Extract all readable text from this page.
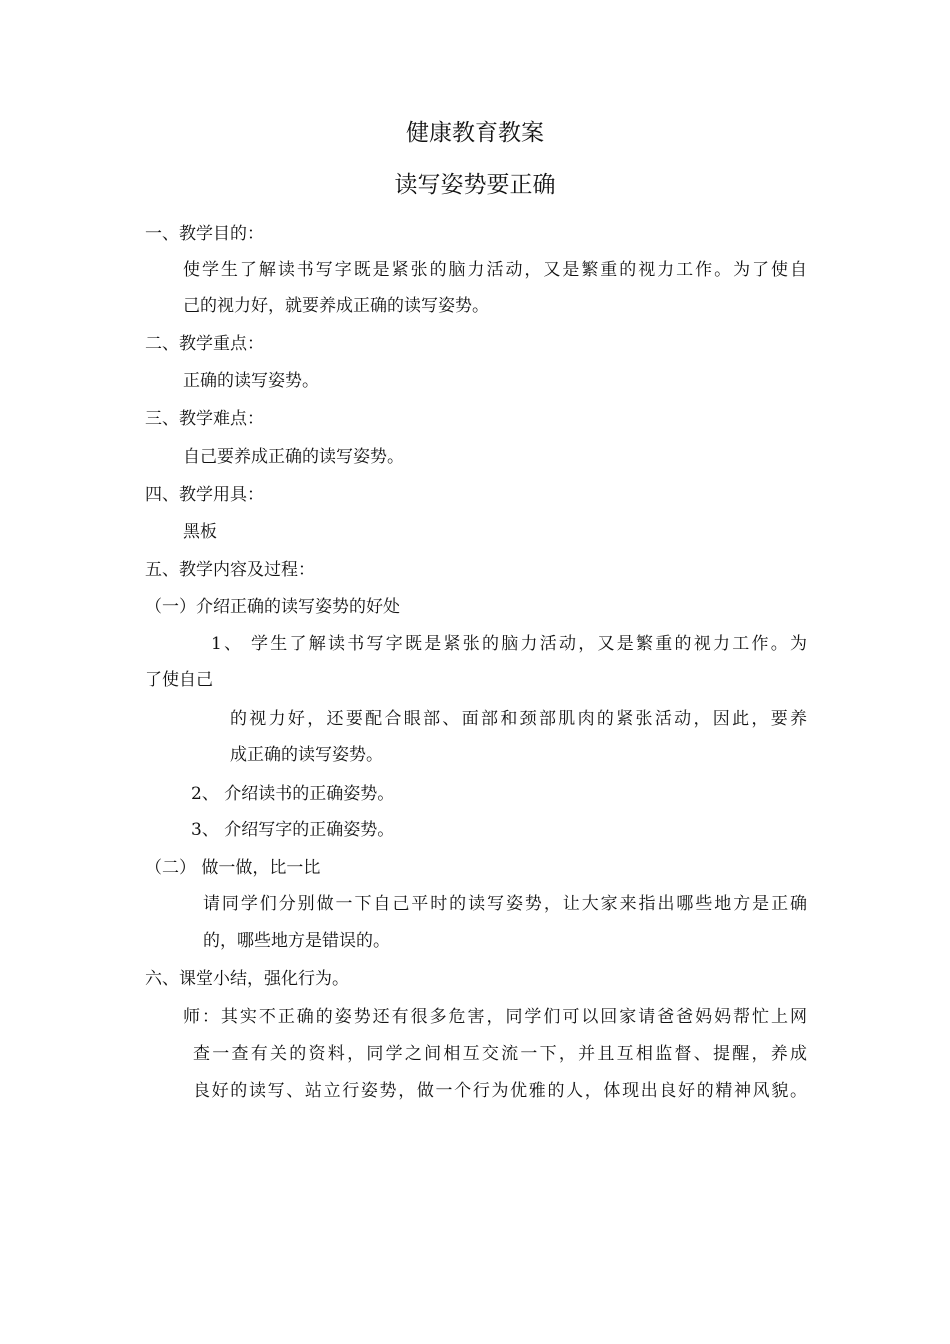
健康教育教案
读写姿势要正确
一、教学目的：
使学生了解读书写字既是紧张的脑力活动，又是繁重的视力工作。为了使自
己的视力好，就要养成正确的读写姿势。
二、教学重点：
正确的读写姿势。
三、教学难点：
自己要养成正确的读写姿势。
四、教学用具：
黑板
五、教学内容及过程：
（一）介绍正确的读写姿势的好处
1、 学生了解读书写字既是紧张的脑力活动，又是繁重的视力工作。为
了使自己
的视力好，还要配合眼部、面部和颈部肌肉的紧张活动，因此，要养
成正确的读写姿势。
2、 介绍读书的正确姿势。
3、 介绍写字的正确姿势。
（二） 做一做，比一比
请同学们分别做一下自己平时的读写姿势，让大家来指出哪些地方是正确
的，哪些地方是错误的。
六、课堂小结，强化行为。
师：其实不正确的姿势还有很多危害，同学们可以回家请爸爸妈妈帮忙上网
查一查有关的资料，同学之间相互交流一下，并且互相监督、提醒，养成
良好的读写、站立行姿势，做一个行为优雅的人，体现出良好的精神风貌。
